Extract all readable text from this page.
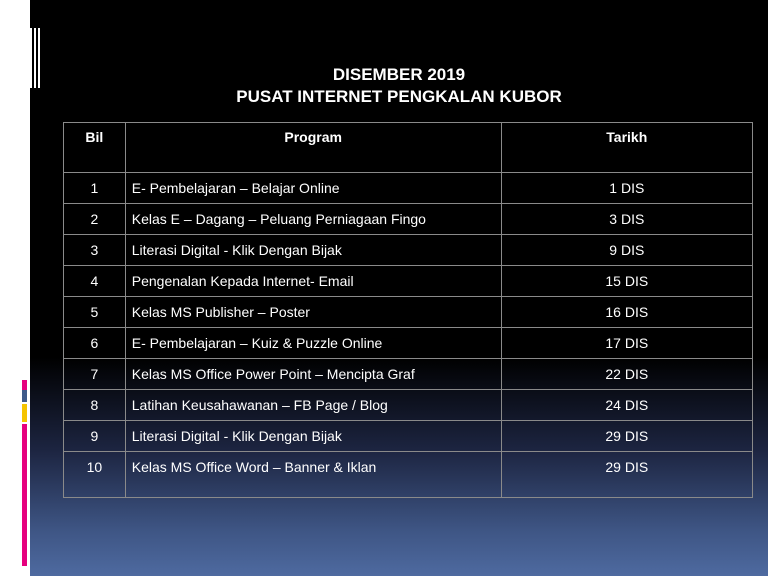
DISEMBER 2019
PUSAT INTERNET PENGKALAN KUBOR
Bil	Program	Tarikh
1	E- Pembelajaran – Belajar Online	1 DIS
2	Kelas E – Dagang – Peluang Perniagaan Fingo	3 DIS
3	Literasi Digital - Klik Dengan Bijak	9 DIS
4	Pengenalan Kepada Internet- Email	15 DIS
5	Kelas MS Publisher – Poster	16 DIS
6	E- Pembelajaran – Kuiz & Puzzle Online	17 DIS
7	Kelas MS Office Power Point – Mencipta Graf	22 DIS
8	Latihan Keusahawanan – FB Page / Blog	24 DIS
9	Literasi Digital - Klik Dengan Bijak	29 DIS
10	Kelas MS Office Word – Banner & Iklan	29 DIS
